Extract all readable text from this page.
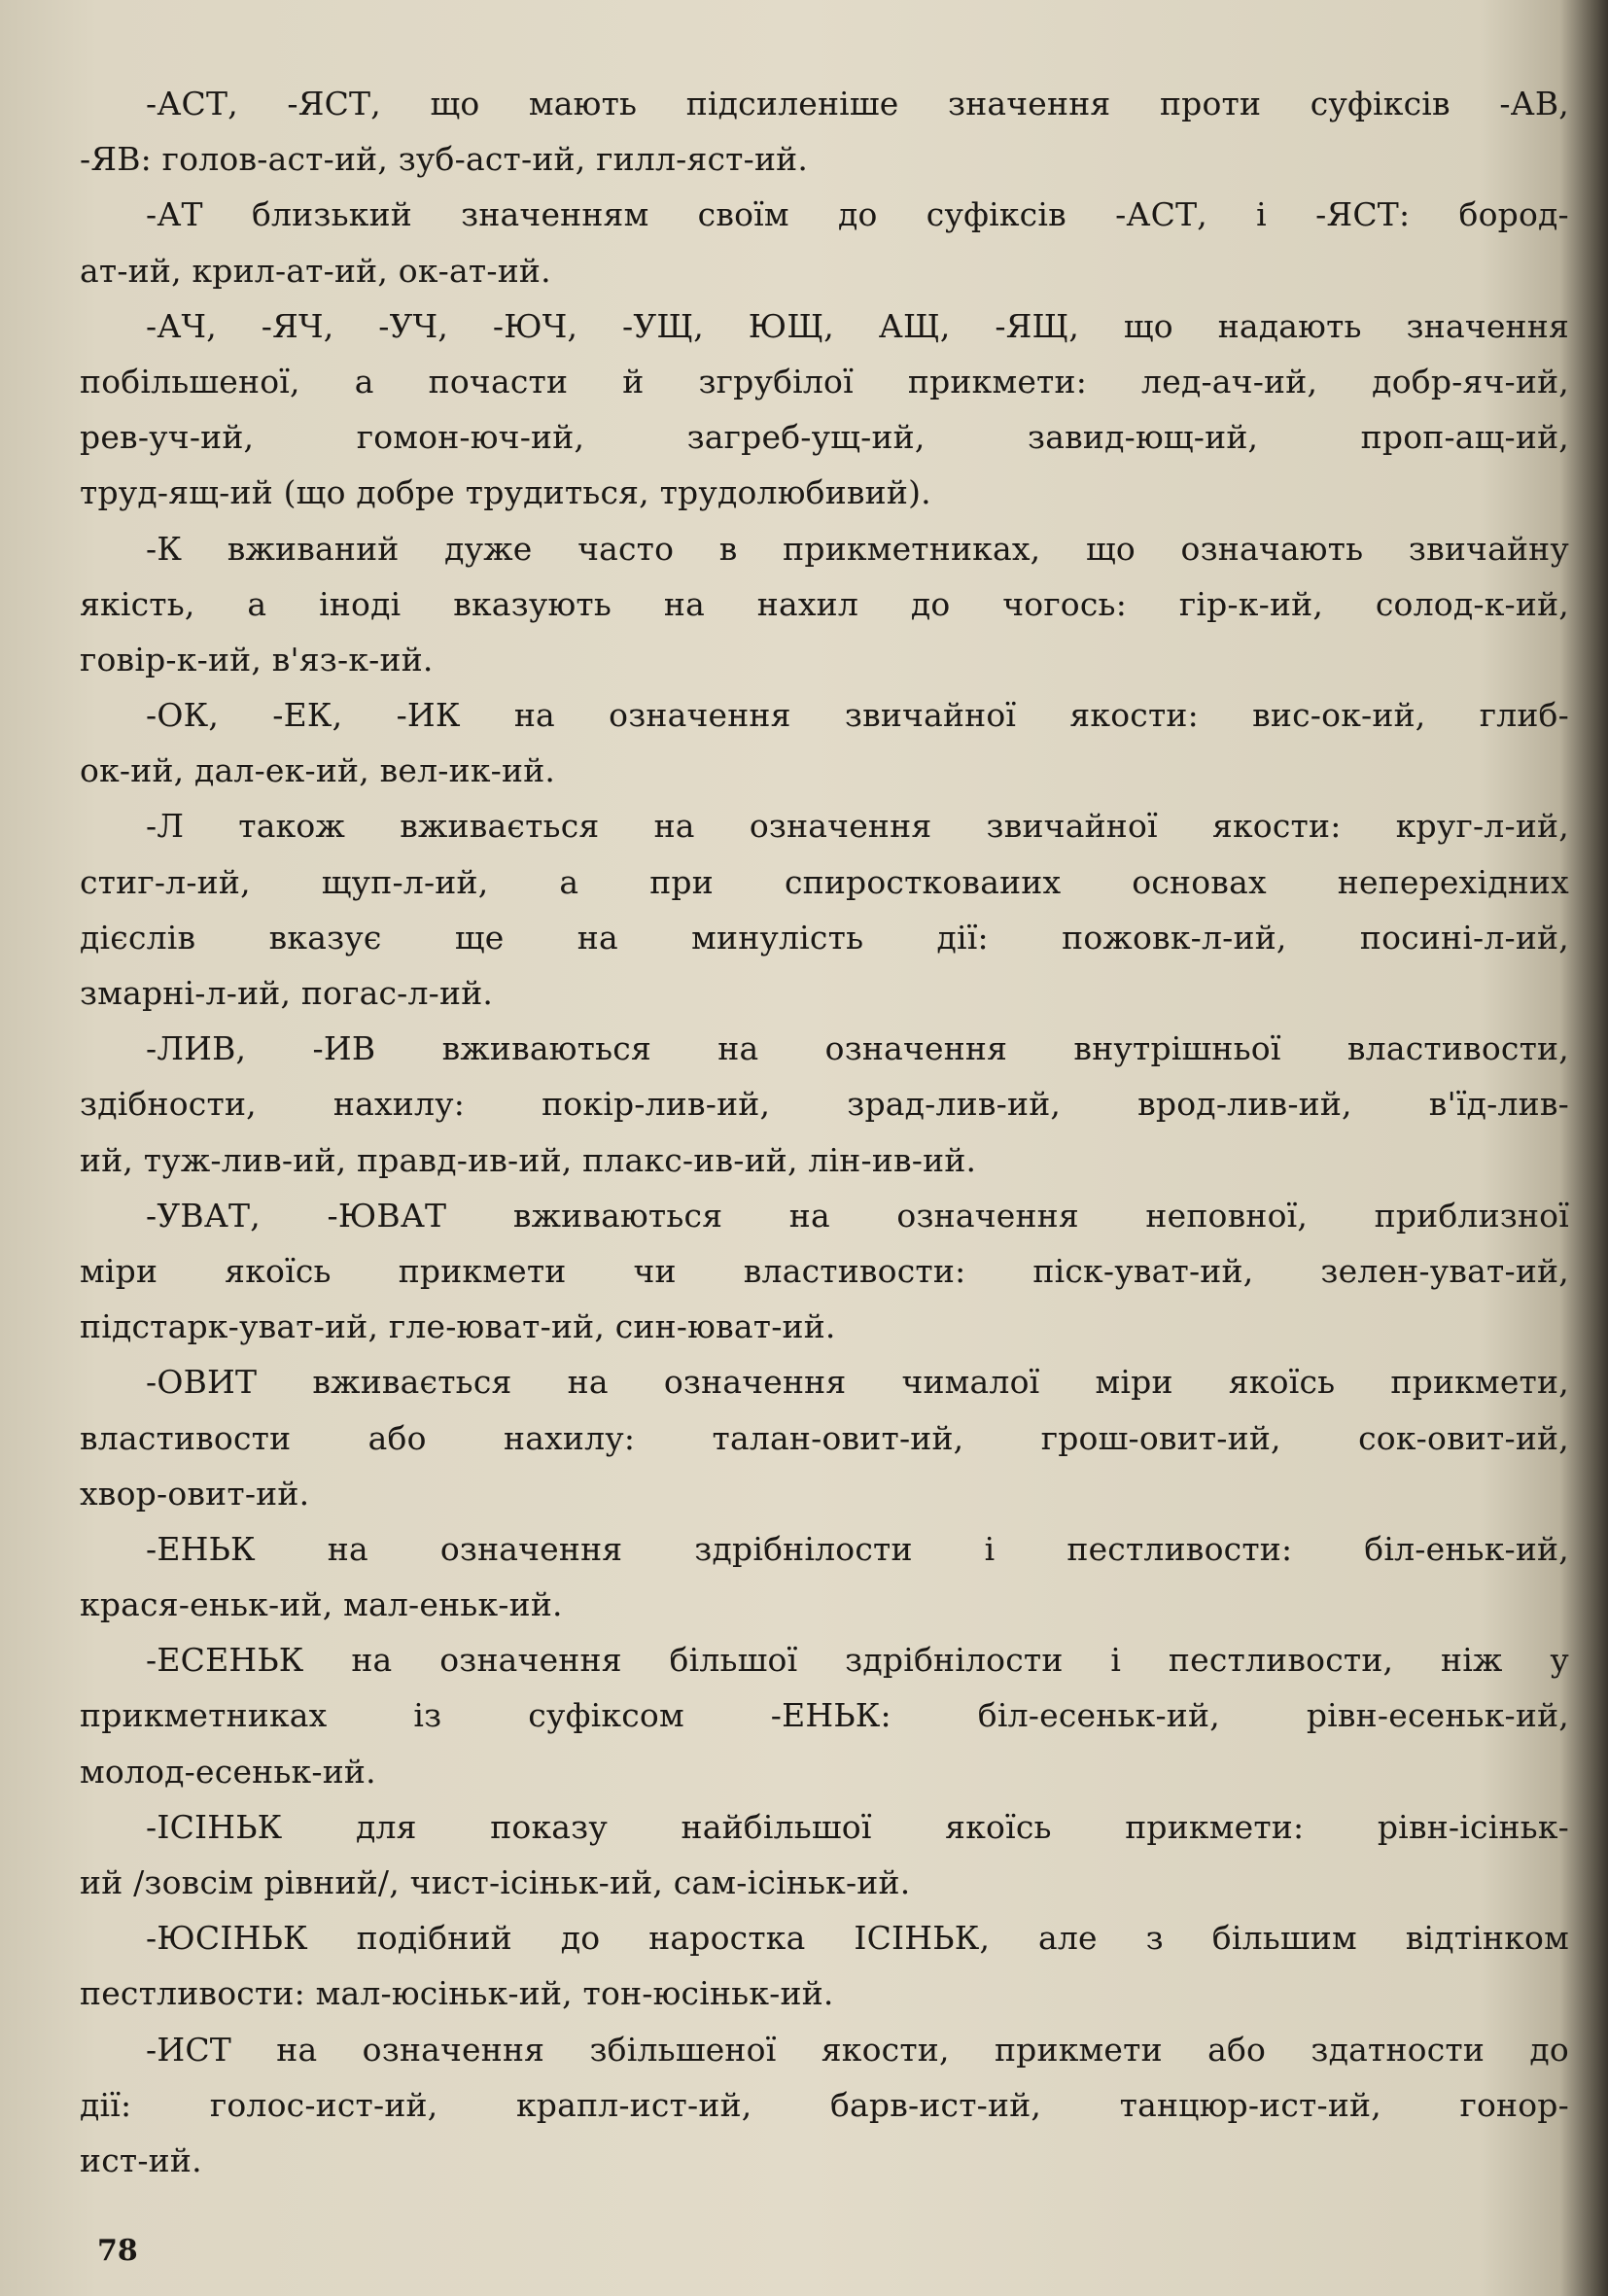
-АСТ, -ЯСТ, що мають підсиленіше значення проти суфіксів -АВ,
-ЯВ: голов-аст-ий, зуб-аст-ий, гилл-яст-ий.
-АТ близький значенням своїм до суфіксів -АСТ, і -ЯСТ: бород-
ат-ий, крил-ат-ий, ок-ат-ий.
-АЧ, -ЯЧ, -УЧ, -ЮЧ, -УЩ, ЮЩ, АЩ, -ЯЩ, що надають значення
побільшеної, а почасти й згрубілої прикмети: лед-ач-ий, добр-яч-ий,
рев-уч-ий,	гомон-юч-ий,	загреб-ущ-ий,	завид-ющ-ий,	проп-ащ-ий,
труд-ящ-ий (що добре трудиться, трудолюбивий).
-К вживаний дуже часто в прикметниках, що означають звичайну
якість, а іноді вказують на нахил до чогось: гір-к-ий, солод-к-ий,
говір-к-ий, в'яз-к-ий.
-ОК, -ЕК, -ИК на означення звичайної якости: вис-ок-ий, глиб-
ок-ий, дал-ек-ий, вел-ик-ий.
-Л також вживається на означення звичайної якости: круг-л-ий,
стиг-л-ий, щуп-л-ий, а при спиростковаиих основах неперехідних
дієслів вказує ще на минулість дії: пожовк-л-ий, посині-л-ий,
змарні-л-ий, погас-л-ий.
-ЛИВ, -ИВ вживаються на означення внутрішньої властивости,
здібности, нахилу: покір-лив-ий, зрад-лив-ий, врод-лив-ий, в'їд-лив-
ий, туж-лив-ий, правд-ив-ий, плакс-ив-ий, лін-ив-ий.
-УВАТ, -ЮВАТ вживаються на означення неповної, приблизної
міри якоїсь прикмети чи властивости: піск-уват-ий, зелен-уват-ий,
підстарк-уват-ий, гле-юват-ий, син-юват-ий.
-ОВИТ вживається на означення чималої міри якоїсь прикмети,
властивости або нахилу: талан-овит-ий, грош-овит-ий, сок-овит-ий,
хвор-овит-ий.
-ЕНЬК на означення здрібнілости і пестливости: біл-еньк-ий,
крася-еньк-ий, мал-еньк-ий.
-ЕСЕНЬК на означення більшої здрібнілости і пестливости, ніж у
прикметниках	із	суфіксом	-ЕНЬК:	біл-есеньк-ий,	рівн-есеньк-ий,
молод-есеньк-ий.
-ІСІНЬК для показу найбільшої якоїсь прикмети: рівн-ісіньк-
ий /зовсім рівний/, чист-ісіньк-ий, сам-ісіньк-ий.
-ЮСІНЬК подібний до наростка ІСІНЬК, але з більшим відтінком
пестливости: мал-юсіньк-ий, тон-юсіньк-ий.
-ИСТ на означення збільшеної якости, прикмети або здатности до
дії: голос-ист-ий, крапл-ист-ий, барв-ист-ий, танцюр-ист-ий, гонор-
ист-ий.
78
